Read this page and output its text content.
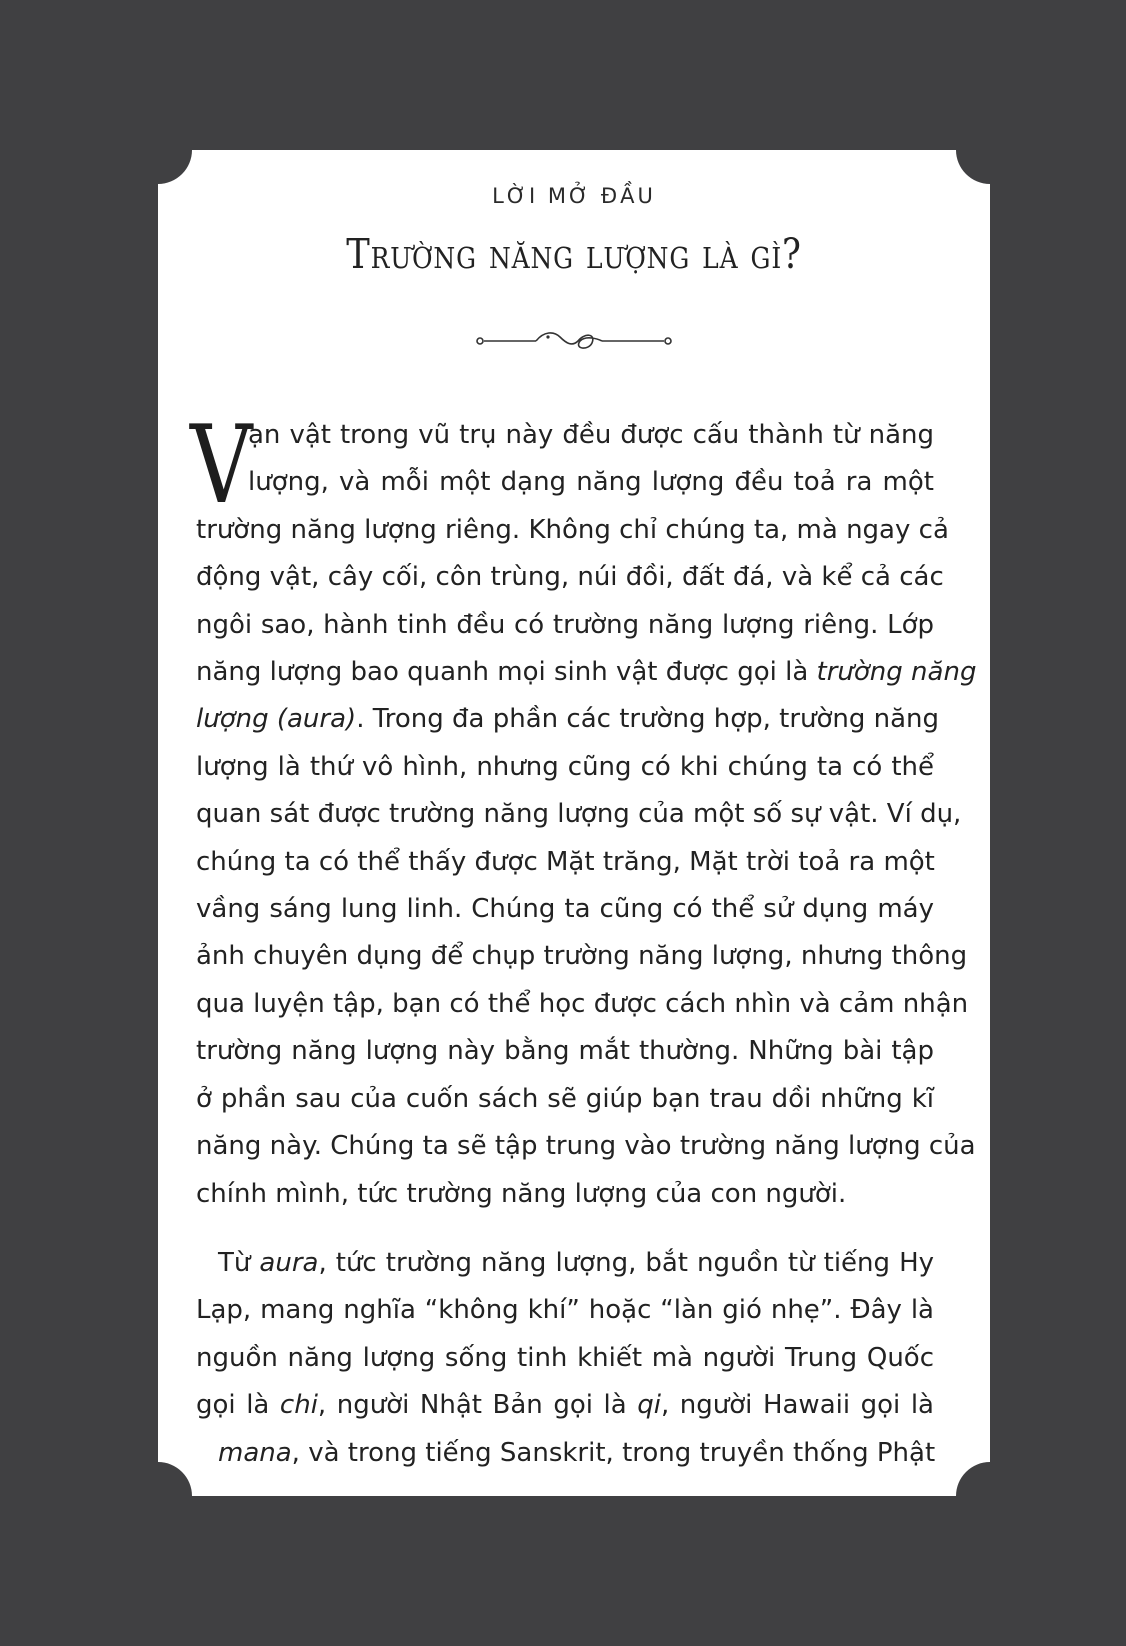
LỜI MỞ ĐẦU
Trường năng lượng là gì?
V
ạn vật trong vũ trụ này đều được cấu thành từ năng
lượng, và mỗi một dạng năng lượng đều toả ra một
trường năng lượng riêng. Không chỉ chúng ta, mà ngay cả
động vật, cây cối, côn trùng, núi đồi, đất đá, và kể cả các
ngôi sao, hành tinh đều có trường năng lượng riêng. Lớp
năng lượng bao quanh mọi sinh vật được gọi là trường năng
lượng (aura). Trong đa phần các trường hợp, trường năng
lượng là thứ vô hình, nhưng cũng có khi chúng ta có thể
quan sát được trường năng lượng của một số sự vật. Ví dụ,
chúng ta có thể thấy được Mặt trăng, Mặt trời toả ra một
vầng sáng lung linh. Chúng ta cũng có thể sử dụng máy
ảnh chuyên dụng để chụp trường năng lượng, nhưng thông
qua luyện tập, bạn có thể học được cách nhìn và cảm nhận
trường năng lượng này bằng mắt thường. Những bài tập
ở phần sau của cuốn sách sẽ giúp bạn trau dồi những kĩ
năng này. Chúng ta sẽ tập trung vào trường năng lượng của
chính mình, tức trường năng lượng của con người.
Từ aura, tức trường năng lượng, bắt nguồn từ tiếng Hy
Lạp, mang nghĩa “không khí” hoặc “làn gió nhẹ”. Đây là
nguồn năng lượng sống tinh khiết mà người Trung Quốc
gọi là chi, người Nhật Bản gọi là qi, người Hawaii gọi là
mana, và trong tiếng Sanskrit, trong truyền thống Phật
